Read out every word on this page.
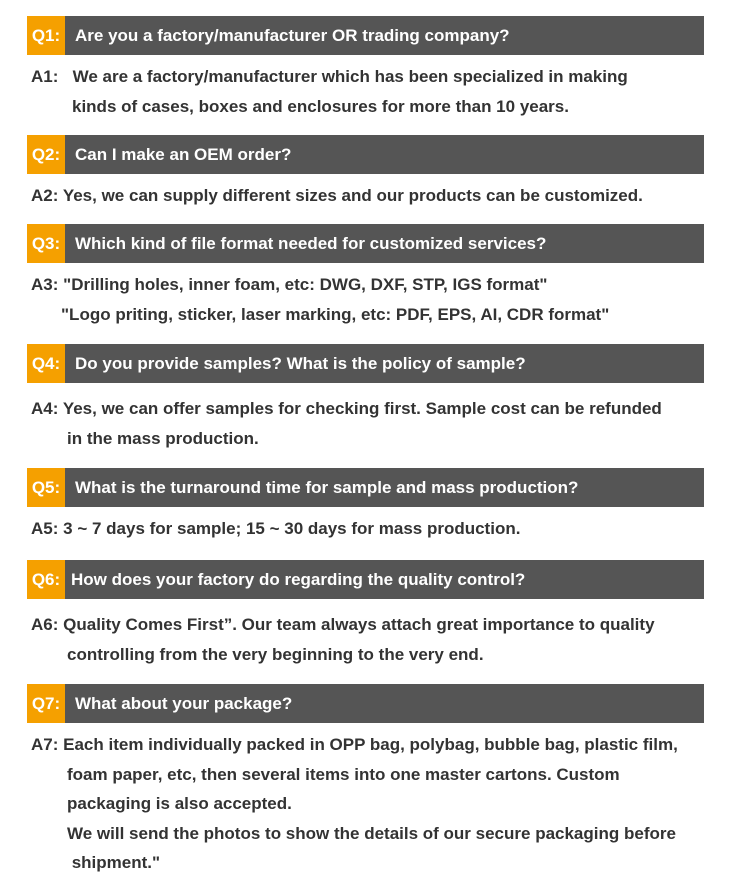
Q1: Are you a factory/manufacturer OR trading company?
A1: We are a factory/manufacturer which has been specialized in making
kinds of cases, boxes and enclosures for more than 10 years.
Q2: Can I make an OEM order?
A2: Yes, we can supply different sizes and our products can be customized.
Q3: Which kind of file format needed for customized services?
A3: "Drilling holes, inner foam, etc: DWG, DXF, STP, IGS format"
"Logo priting, sticker, laser marking, etc: PDF, EPS, AI, CDR format"
Q4: Do you provide samples? What is the policy of sample?
A4: Yes, we can offer samples for checking first. Sample cost can be refunded
in the mass production.
Q5: What is the turnaround time for sample and mass production?
A5: 3 ~ 7 days for sample; 15 ~ 30 days for mass production.
Q6: How does your factory do regarding the quality control?
A6: Quality Comes First”. Our team always attach great importance to quality
controlling from the very beginning to the very end.
Q7: What about your package?
A7: Each item individually packed in OPP bag, polybag, bubble bag, plastic film,
foam paper, etc, then several items into one master cartons. Custom
packaging is also accepted.
We will send the photos to show the details of our secure packaging before
shipment."
